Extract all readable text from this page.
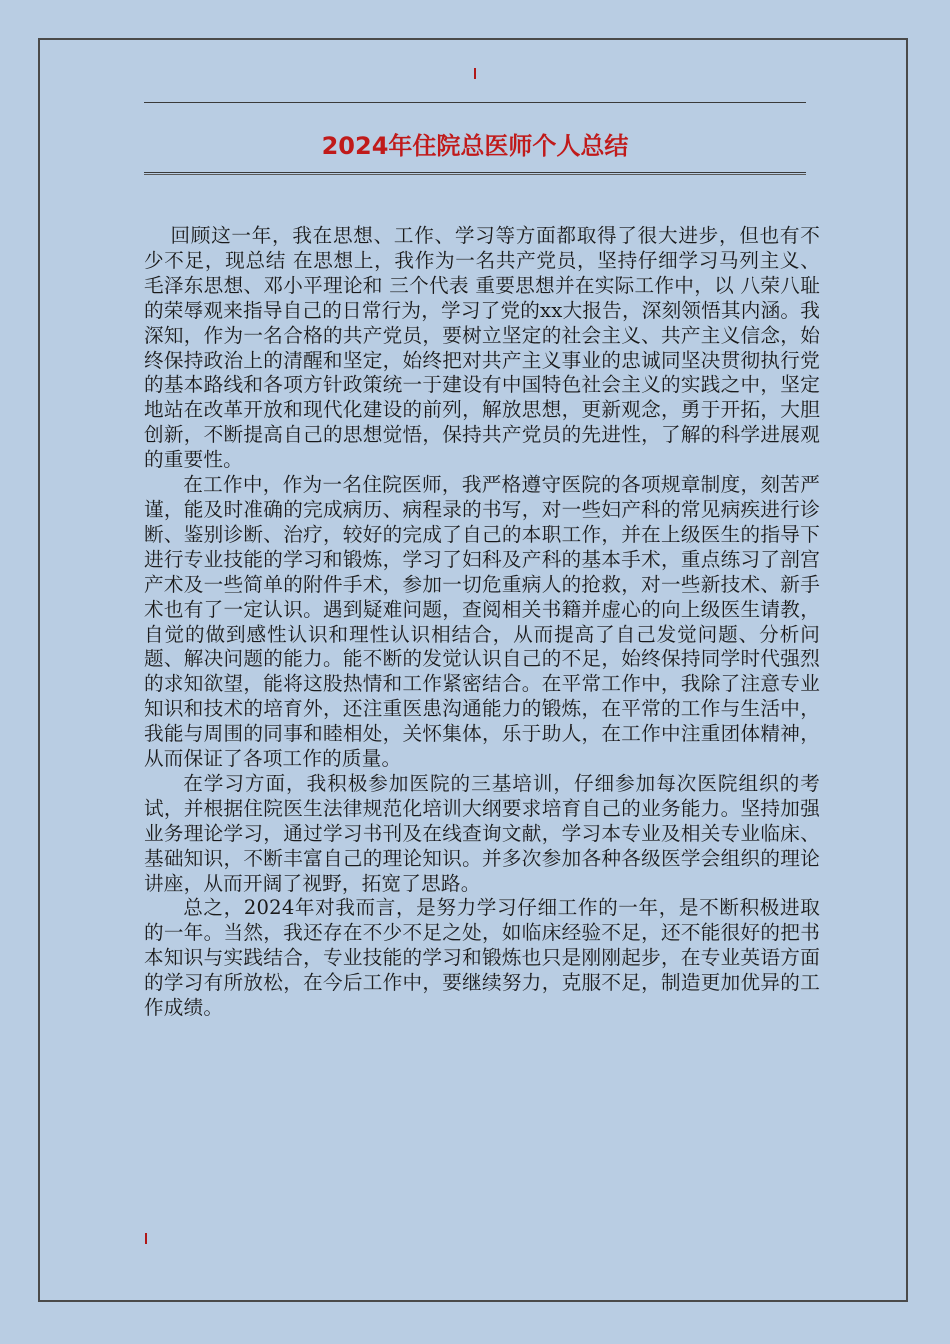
2024年住院总医师个人总结

回顾这一年，我在思想、工作、学习等方面都取得了很大进步，但也有不少不足，现总结 在思想上，我作为一名共产党员，坚持仔细学习马列主义、毛泽东思想、邓小平理论和 三个代表 重要思想并在实际工作中，以 八荣八耻 的荣辱观来指导自己的日常行为，学习了党的xx大报告，深刻领悟其内涵。我深知，作为一名合格的共产党员，要树立坚定的社会主义、共产主义信念，始终保持政治上的清醒和坚定，始终把对共产主义事业的忠诚同坚决贯彻执行党的基本路线和各项方针政策统一于建设有中国特色社会主义的实践之中，坚定地站在改革开放和现代化建设的前列，解放思想，更新观念，勇于开拓，大胆创新，不断提高自己的思想觉悟，保持共产党员的先进性，了解的科学进展观的重要性。

在工作中，作为一名住院医师，我严格遵守医院的各项规章制度，刻苦严谨，能及时准确的完成病历、病程录的书写，对一些妇产科的常见病疾进行诊断、鉴别诊断、治疗，较好的完成了自己的本职工作，并在上级医生的指导下进行专业技能的学习和锻炼，学习了妇科及产科的基本手术，重点练习了剖宫产术及一些简单的附件手术，参加一切危重病人的抢救，对一些新技术、新手术也有了一定认识。遇到疑难问题，查阅相关书籍并虚心的向上级医生请教，自觉的做到感性认识和理性认识相结合，从而提高了自己发觉问题、分析问题、解决问题的能力。能不断的发觉认识自己的不足，始终保持同学时代强烈的求知欲望，能将这股热情和工作紧密结合。在平常工作中，我除了注意专业知识和技术的培育外，还注重医患沟通能力的锻炼，在平常的工作与生活中，我能与周围的同事和睦相处，关怀集体，乐于助人，在工作中注重团体精神，从而保证了各项工作的质量。

在学习方面，我积极参加医院的三基培训，仔细参加每次医院组织的考试，并根据住院医生法律规范化培训大纲要求培育自己的业务能力。坚持加强业务理论学习，通过学习书刊及在线查询文献，学习本专业及相关专业临床、基础知识，不断丰富自己的理论知识。并多次参加各种各级医学会组织的理论讲座，从而开阔了视野，拓宽了思路。

总之，2024年对我而言，是努力学习仔细工作的一年，是不断积极进取的一年。当然，我还存在不少不足之处，如临床经验不足，还不能很好的把书本知识与实践结合，专业技能的学习和锻炼也只是刚刚起步，在专业英语方面的学习有所放松，在今后工作中，要继续努力，克服不足，制造更加优异的工作成绩。
